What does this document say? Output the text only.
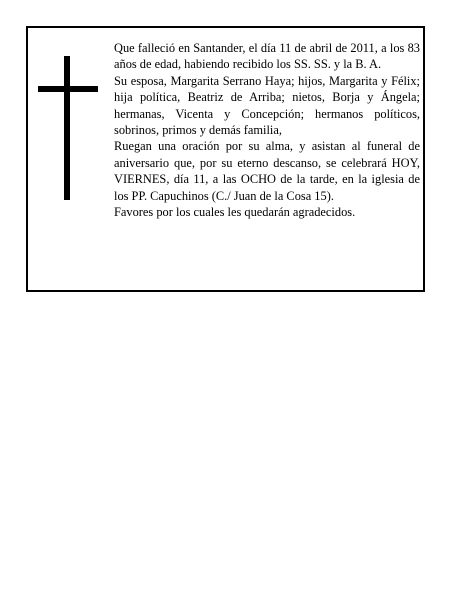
Que falleció en Santander, el día 11 de abril de 2011, a los 83 años de edad, habiendo recibido los SS. SS. y la B. A.

Su esposa, Margarita Serrano Haya; hijos, Margarita y Félix; hija política, Beatriz de Arriba; nietos, Borja y Ángela; hermanas, Vicenta y Concepción; hermanos políticos, sobrinos, primos y demás familia,

Ruegan una oración por su alma, y asistan al funeral de aniversario que, por su eterno descanso, se celebrará HOY, VIERNES, día 11, a las OCHO de la tarde, en la iglesia de los PP. Capuchinos (C./ Juan de la Cosa 15).

Favores por los cuales les quedarán agradecidos.
